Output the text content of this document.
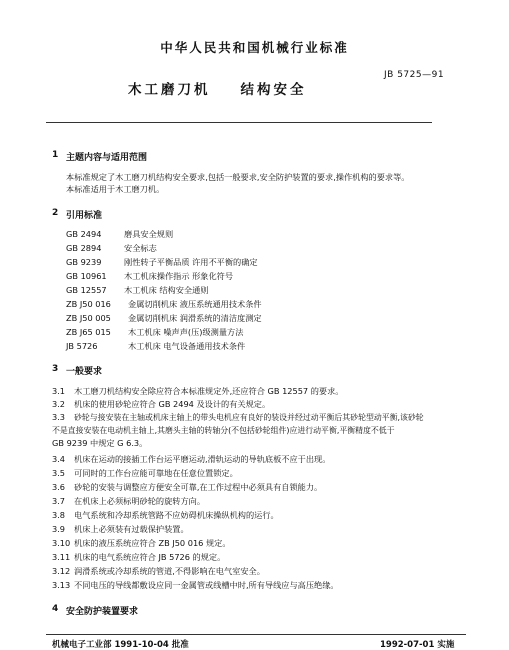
中华人民共和国机械行业标准
JB 5725—91
木工磨刀机 结构安全
1 主题内容与适用范围
本标准规定了木工磨刀机结构安全要求,包括一般要求,安全防护装置的要求,操作机构的要求等。
本标准适用于木工磨刀机。
2 引用标准
GB 2494	磨具安全规则
GB 2894	安全标志
GB 9239	刚性转子平衡品质 许用不平衡的确定
GB 10961 木工机床操作指示 形象化符号
GB 12557 木工机床 结构安全通则
ZB J50 016 金属切削机床 液压系统通用技术条件
ZB J50 005 金属切削机床 润滑系统的清洁度测定
ZB J65 015 木工机床 噪声声(压)级测量方法
JB 5726	木工机床 电气设备通用技术条件
3 一般要求
3.1 木工磨刀机结构安全除应符合本标准规定外,还应符合 GB 12557 的要求。
3.2 机床的使用砂轮应符合 GB 2494 及设计的有关规定。
3.3 砂轮与接安装在主轴或机床主轴上的带头电机应有良好的装设并经过动平衡后其砂轮型动平衡,该砂轮
不是直接安装在电动机主轴上,其磨头主轴的转轴分(不包括砂轮组件)应进行动平衡,平衡精度不低于
GB 9239 中规定 G 6.3。
3.4 机床在运动的接插工作台运平磨运动,滑轨运动的导轨底板不应于出现。
3.5 可同时的工作台应能可靠地在任意位置锁定。
3.6 砂轮的安装与调整应方便安全可靠,在工作过程中必须具有自锁能力。
3.7 在机床上必须标明砂轮的旋转方向。
3.8 电气系统和冷却系统管路不应妨碍机床操纵机构的运行。
3.9 机床上必须装有过载保护装置。
3.10 机床的液压系统应符合 ZB J50 016 规定。
3.11 机床的电气系统应符合 JB 5726 的规定。
3.12 润滑系统或冷却系统的管道,不得影响在电气室安全。
3.13 不同电压的导线都敷设应同一金属管或线槽中时,所有导线应与高压绝缘。
4 安全防护装置要求
机械电子工业部 1991-10-04 批准	1992-07-01 实施
